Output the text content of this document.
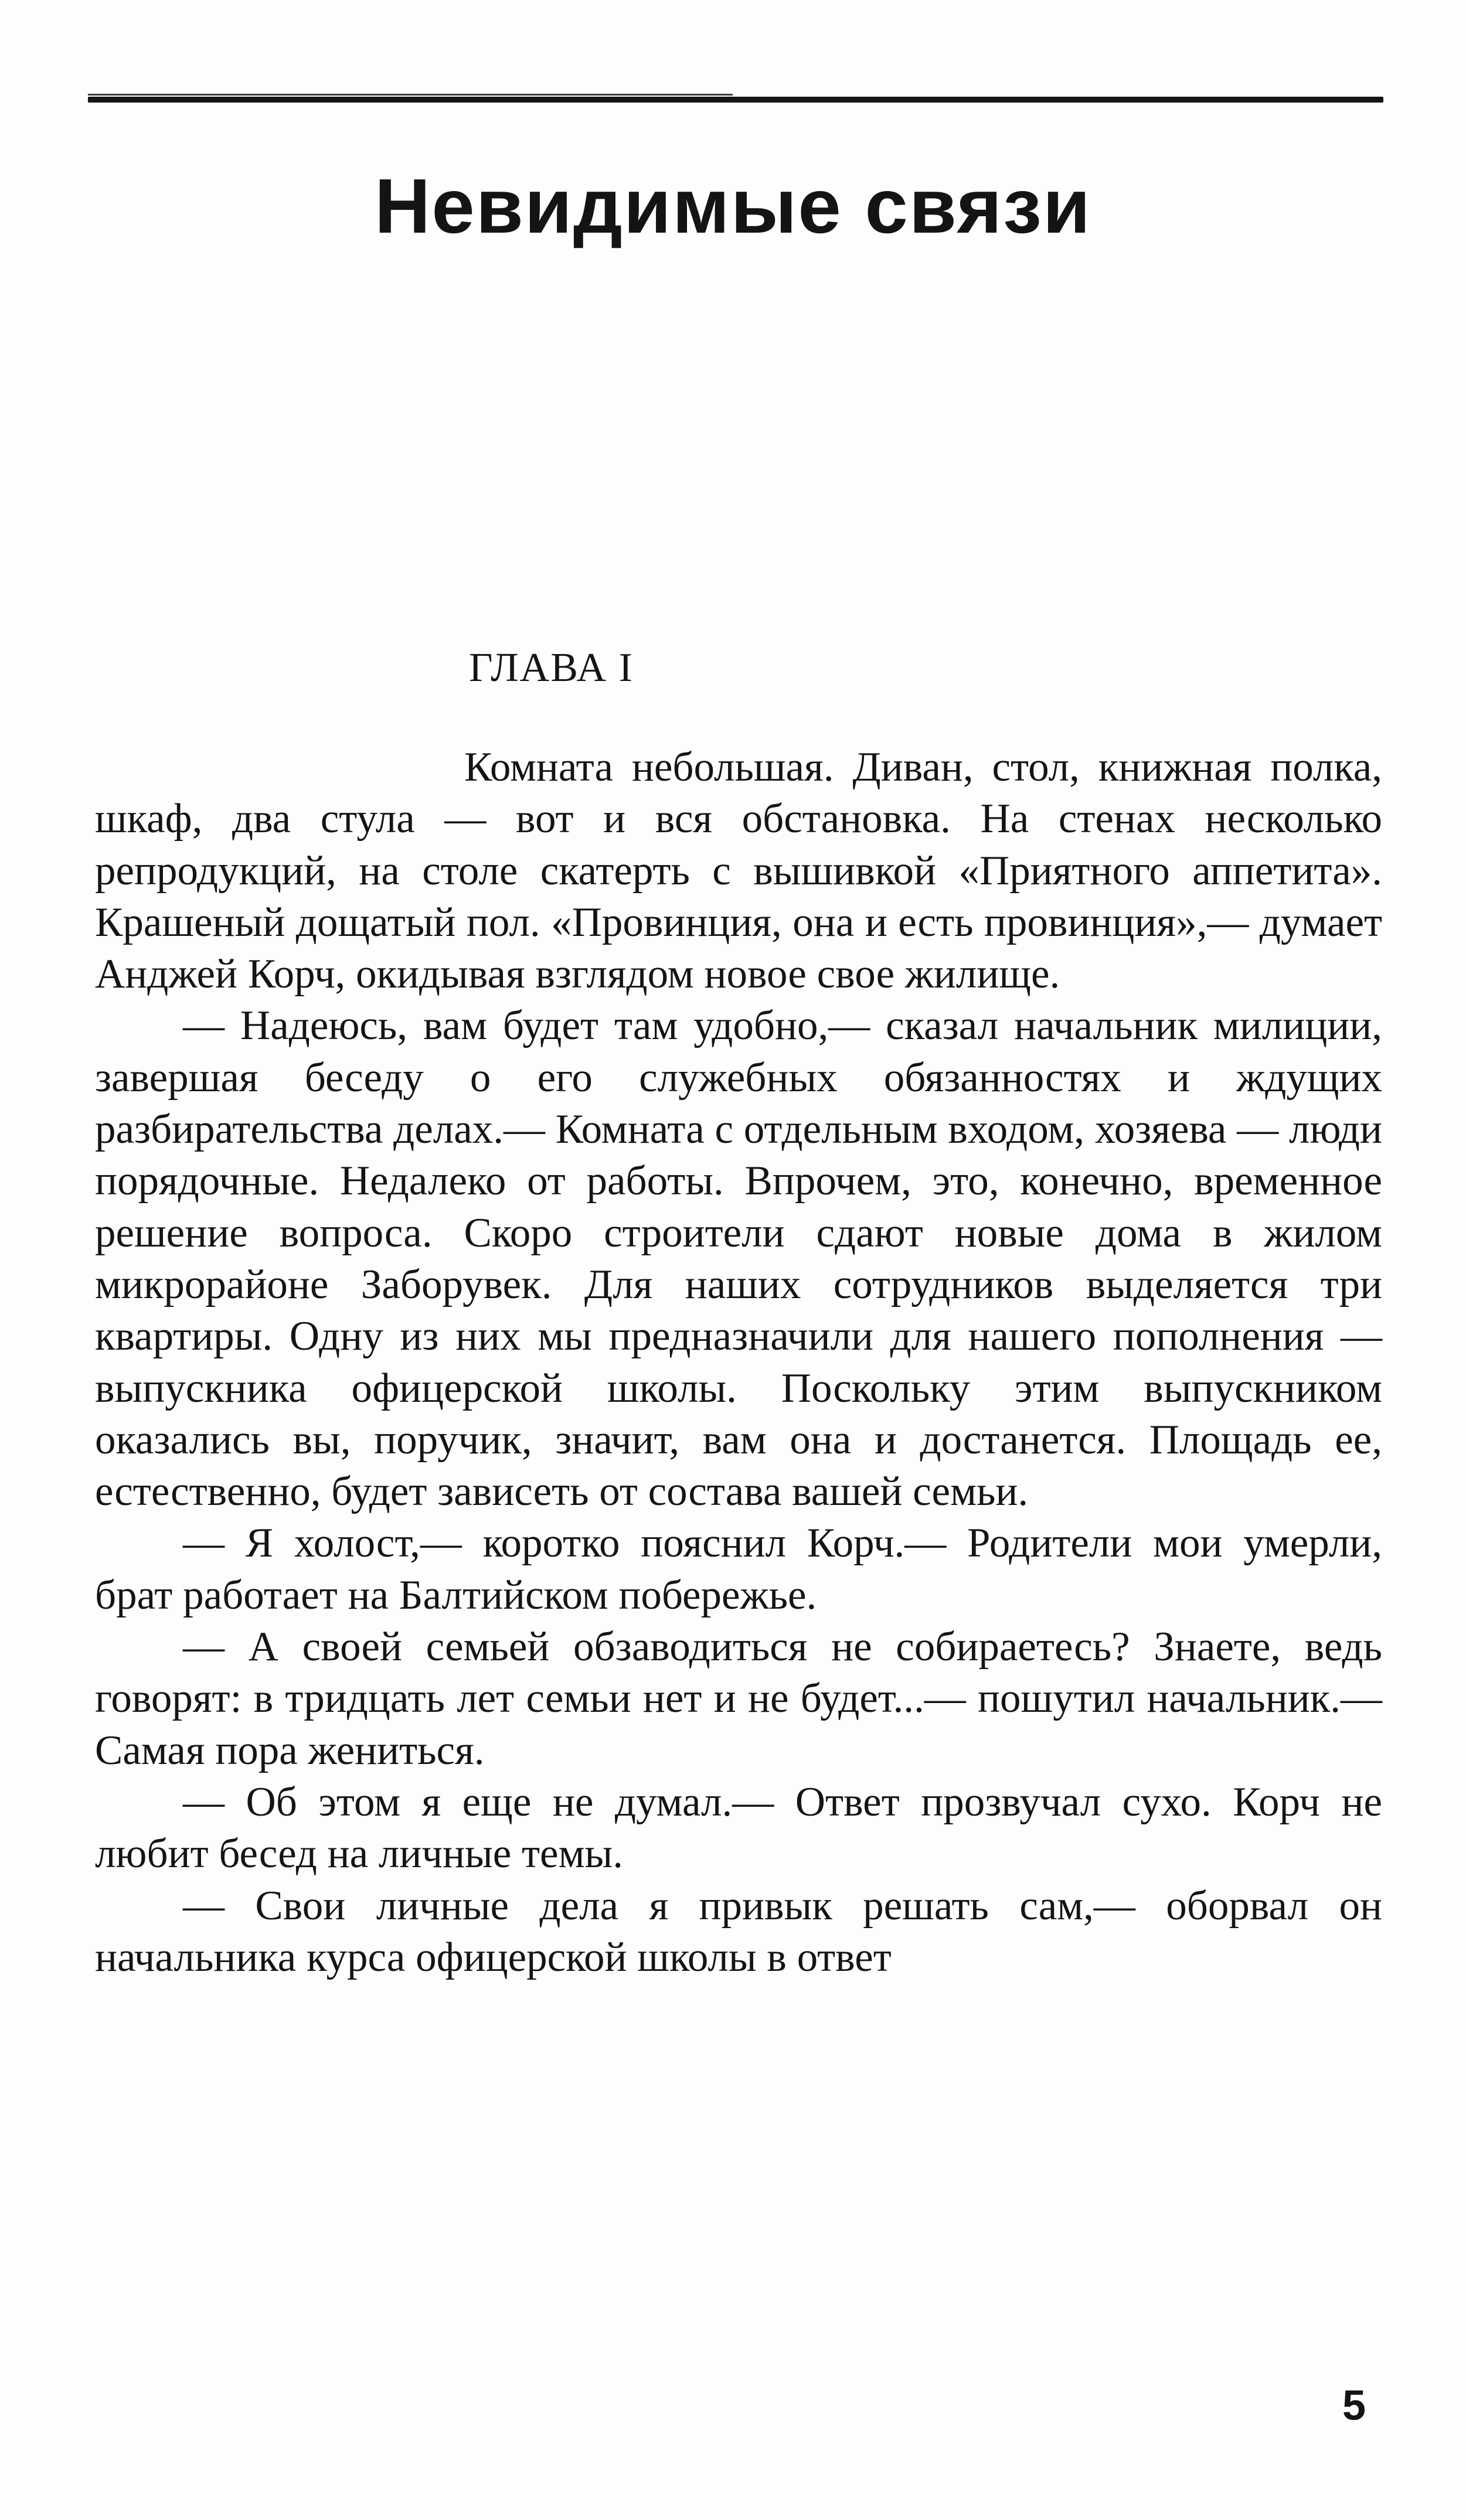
Невидимые связи
ГЛАВА I

Комната небольшая. Диван, стол, книжная полка, шкаф, два стула — вот и вся обстановка. На стенах несколько репродукций, на столе скатерть с вышивкой «Приятного аппетита». Крашеный дощатый пол. «Провинция, она и есть провинция»,— думает Анджей Корч, окидывая взглядом новое свое жилище.

— Надеюсь, вам будет там удобно,— сказал начальник милиции, завершая беседу о его служебных обязанностях и ждущих разбирательства делах.— Комната с отдельным входом, хозяева — люди порядочные. Недалеко от работы. Впрочем, это, конечно, временное решение вопроса. Скоро строители сдают новые дома в жилом микрорайоне Заборувек. Для наших сотрудников выделяется три квартиры. Одну из них мы предназначили для нашего пополнения — выпускника офицерской школы. Поскольку этим выпускником оказались вы, поручик, значит, вам она и достанется. Площадь ее, естественно, будет зависеть от состава вашей семьи.

— Я холост,— коротко пояснил Корч.— Родители мои умерли, брат работает на Балтийском побережье.

— А своей семьей обзаводиться не собираетесь? Знаете, ведь говорят: в тридцать лет семьи нет и не будет...— пошутил начальник.— Самая пора жениться.

— Об этом я еще не думал.— Ответ прозвучал сухо. Корч не любит бесед на личные темы.

— Свои личные дела я привык решать сам,— оборвал он начальника курса офицерской школы в ответ

5
